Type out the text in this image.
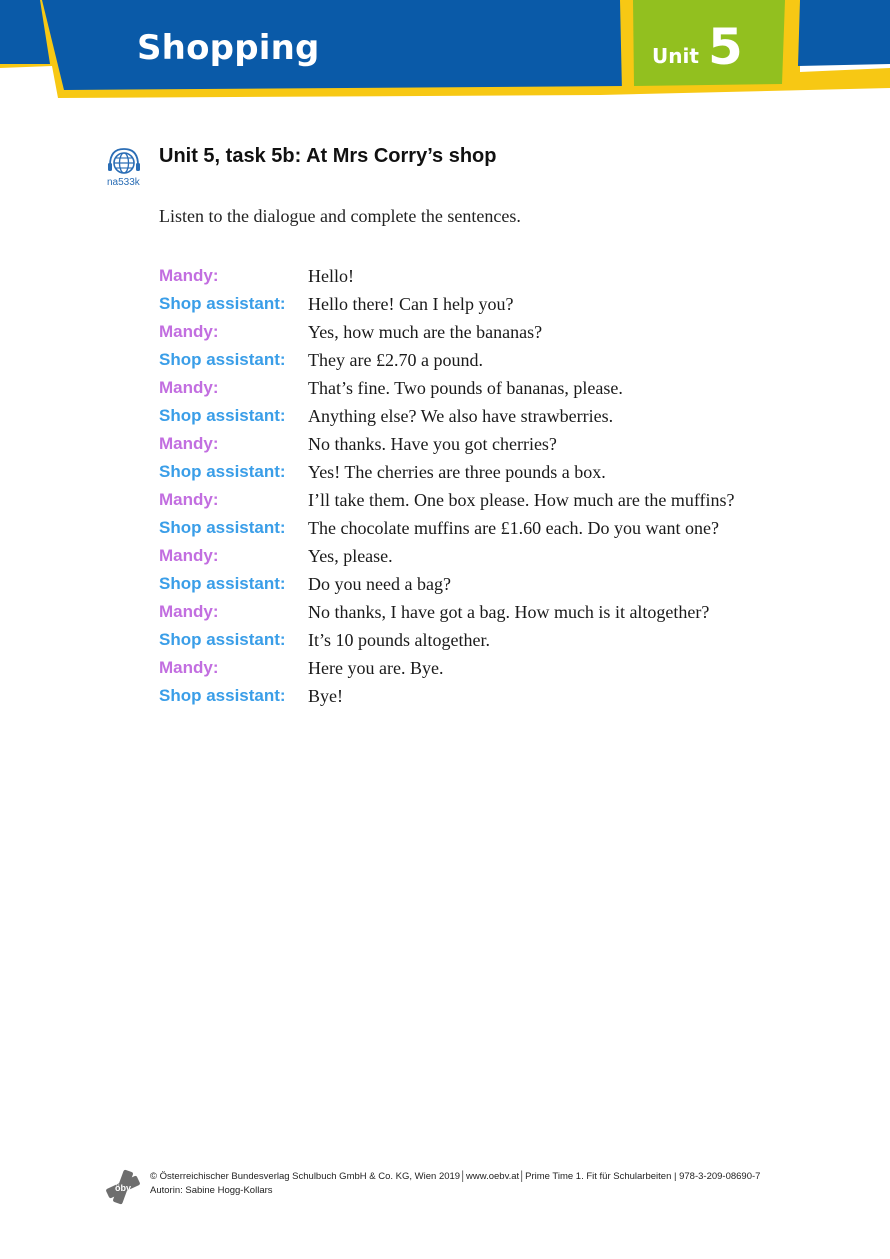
Shopping	Unit 5
na533k
Unit 5, task 5b: At Mrs Corry’s shop
Listen to the dialogue and complete the sentences.
Mandy:	Hello!
Shop assistant:	Hello there! Can I help you?
Mandy:	Yes, how much are the bananas?
Shop assistant:	They are £2.70 a pound.
Mandy:	That’s fine. Two pounds of bananas, please.
Shop assistant:	Anything else? We also have strawberries.
Mandy:	No thanks. Have you got cherries?
Shop assistant:	Yes! The cherries are three pounds a box.
Mandy:	I’ll take them. One box please. How much are the muffins?
Shop assistant:	The chocolate muffins are £1.60 each. Do you want one?
Mandy:	Yes, please.
Shop assistant:	Do you need a bag?
Mandy:	No thanks, I have got a bag. How much is it altogether?
Shop assistant:	It’s 10 pounds altogether.
Mandy:	Here you are. Bye.
Shop assistant:	Bye!
öbv
© Österreichischer Bundesverlag Schulbuch GmbH & Co. KG, Wien 2019│www.oebv.at│Prime Time 1. Fit für Schularbeiten | 978-3-209-08690-7
Autorin: Sabine Hogg-Kollars
